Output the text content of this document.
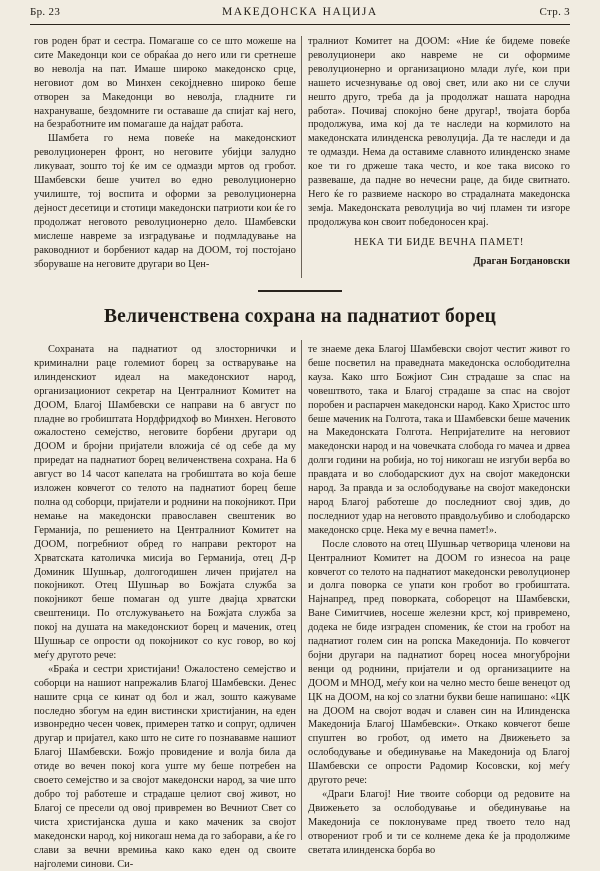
Бр. 23	МАКЕДОНСКА НАЦИЈА	Стр. 3

гов роден брат и сестра. Помагаше со се што можеше на сите Македонци кои се обраќаа до него или ги сретнеше во неволја на пат. Имаше широко македонско срце, неговиот дом во Минхен секојдневно широко беше отворен за Македонци во неволја, гладните ги нахрануваше, бездомните ги оставаше да спијат кај него, на безработните им помагаше да најдат работа.

Шамбета го нема повеќе на македонскиот револуционерен фронт, но неговите убијци залудно ликуваат, зошто тој ќе им се одмазди мртов од гробот. Шамбевски беше учител во едно револуционерно училиште, тој воспита и оформи за револуционерна дејност десетици и стотици македонски патриоти кои ќе го продолжат неговото револуционерно дело. Шамбевски мислеше навреме за изградување и подмладување на раководниот и борбениот кадар на ДООМ, тој постојано зборуваше на неговите другари во Цен-

тралниот Комитет на ДООМ: «Ние ќе бидеме повеќе револуционери ако навреме не си оформиме револуционерно и организационо млади луѓе, кои при нашето исчезнување од овој свет, или ако ни се случи нешто друго, треба да ја продолжат нашата народна работа». Почивај спокојно бене другар!, твојата борба продолжува, има кој да те наследи на кормилото на македонската илинденска револуција. Да те наследи и да те одмазди. Нема да оставиме славното илинденско знаме кое ти го држеше така често, и кое така високо го развеваше, да падне во нечесни раце, да биде свитнато. Него ќе го развиеме наскоро во страдалната македонска земја. Македонската револуција во чиј пламен ти изгоре продолжува кон своит победоносен крај.

НЕКА ТИ БИДЕ ВЕЧНА ПАМЕТ!
Драган Богдановски
Величенствена сохрана на паднатиот борец

Сохраната на паднатиот од злосторнички и криминални раце големиот борец за остварување на илинденскиот идеал на македонскиот народ, организациониот секретар на Централниот Комитет на ДООМ, Благој Шамбевски се направи на 6 август по пладне во гробиштата Нордфридхоф во Минхен. Неговото ожалостено семејство, неговите борбени другари од ДООМ и бројни пријатели вложија сé од себе да му приредат на паднатиот борец величенствена сохрана. На 6 август во 14 часот капелата на гробиштата во која беше изложен ковчегот со телото на паднатиот борец беше полна од соборци, пријатели и роднини на покојникот. При немање на македонски православен свештеник во Германија, по решението на Централниот Комитет на ДООМ, погребниот обред го направи ректорот на Хрватската католичка мисија во Германија, отец Д-р Доминик Шушњар, долгогодишен личен пријател на покојникот. Отец Шушњар во Божјата служба за покојникот беше помаган од уште двајца хрватски свештеници. По отслужувањето на Божјата служба за покој на душата на македонскиот борец и маченик, отец Шушњар се опрости од покојникот со кус говор, во кој меѓу другото рече:

«Браќа и сестри христијани! Ожалостено семејство и соборци на нашиот напрежалив Благој Шамбевски. Денес нашите срца се кинат од бол и жал, зошто кажуваме последно збогум на един вистински христијанин, на еден извонредно чесен човек, примерен татко и сопруг, одличен другар и пријател, како што не сите го познававме нашиот Благој Шамбевски. Божјо провидение и волја била да отиде во вечен покој кога уште му беше потребен на своето семејство и за својот македонски народ, за чие што добро тој работеше и страдаше целиот свој живот, но Благој се пресели од овој привремен во Вечниот Свет со чиста христијанска душа и како маченик за својот македонски народ, кој никогаш нема да го заборави, а ќе го слави за вечни времиња како како еден од своите најголеми синови. Си-

те знаеме дека Благој Шамбевски својот честит живот го беше посветил на праведната македонска ослободителна кауза. Како што Божјиот Син страдаше за спас на човештвото, така и Благој страдаше за спас на својот поробен и распарчен македонски народ. Како Христос што беше маченик на Голгота, така и Шамбевски беше маченик на Македонската Голгота. Непријателите на неговиот македонски народ и на човечката слобода го мачеа и дрвеа долги години на робија, но тој никогаш не изгуби верба во правдата и во слободарскиот дух на својот македонски народ. За правда и за ослободување на својот македонски народ Благој работеше до последниот свој здив, до последниот удар на неговото правдољубиво и слободарско македонско срце. Нека му е вечна памет!».

После словото на отец Шушњар четворица членови на Централниот Комитет на ДООМ го изнесоа на раце ковчегот со телото на паднатиот македонски револуционер и долга поворка се упати кон гробот во гробиштата. Најнапред, пред поворката, соборецот на Шамбевски, Ване Симитчиев, носеше железни крст, кој привремено, додека не биде изграден споменик, ќе стои на гробот на паднатиот голем син на ропска Македонија. По ковчегот бојни другари на паднатиот борец носеа многубројни венци од роднини, пријатели и од организациите на ДООМ и МНОД, меѓу кои на челно место беше венецот од ЦК на ДООМ, на кој со златни букви беше напишано: «ЦК на ДООМ на својот водач и славен син на Илинденска Македонија Благој Шамбевски». Откако ковчегот беше спуштен во гробот, од името на Движењето за ослободување и обединување на Македонија од Благој Шамбевски се опрости Радомир Косовски, кој меѓу другото рече:

«Драги Благој! Ние твоите соборци од редовите на Движењето за ослободување и обединување на Македонија се поклонуваме пред твоето тело над отворениот гроб и ти се колнеме дека ќе ја продолжиме светата илинденска борба во
